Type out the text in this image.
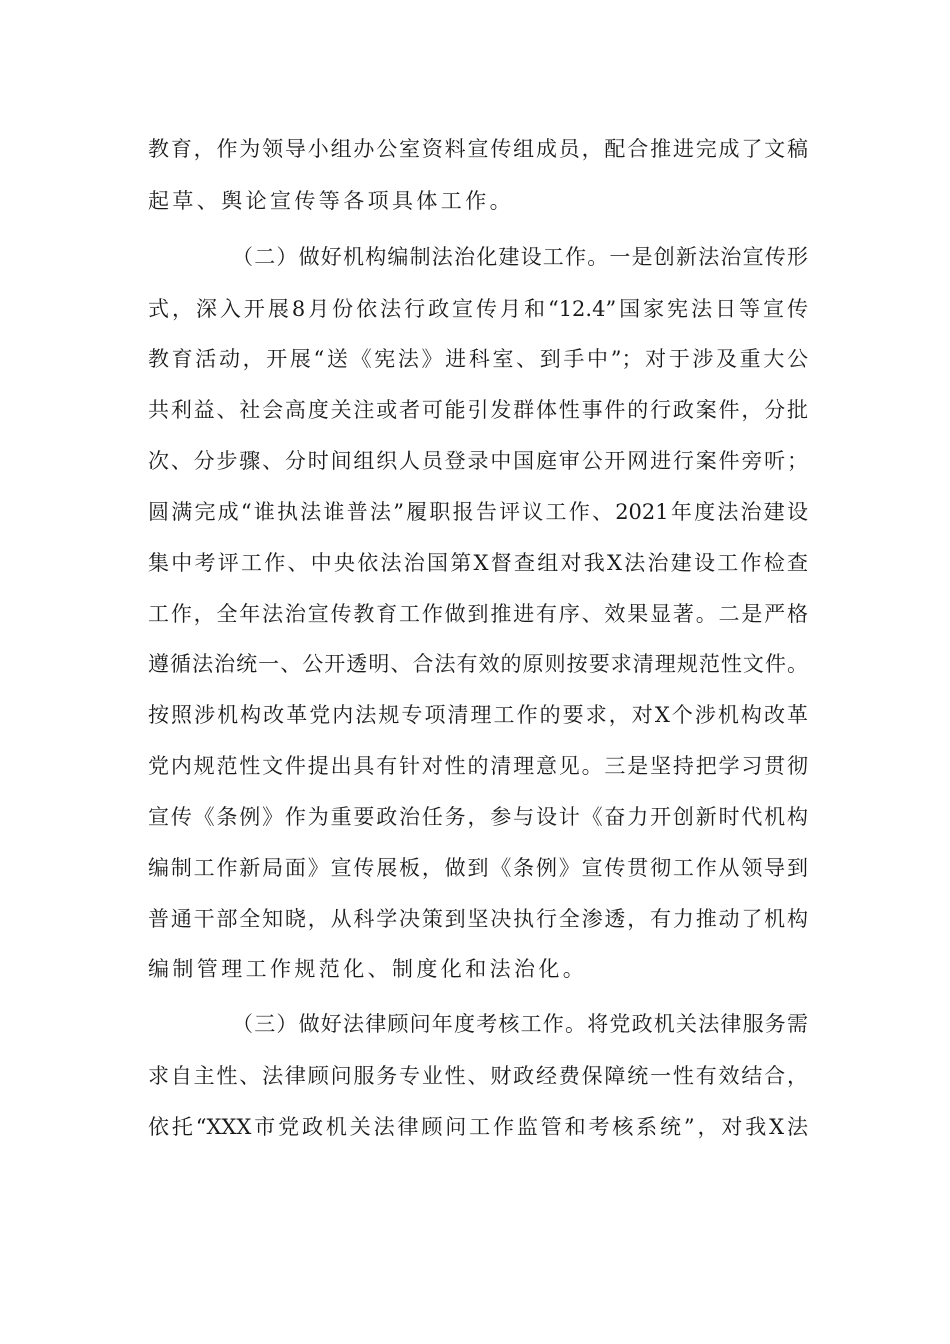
教育，作为领导小组办公室资料宣传组成员，配合推进完成了文稿
起草、舆论宣传等各项具体工作。
（二）做好机构编制法治化建设工作。一是创新法治宣传形
式，深入开展8月份依法行政宣传月和“12.4”国家宪法日等宣传
教育活动，开展“送《宪法》进科室、到手中”；对于涉及重大公
共利益、社会高度关注或者可能引发群体性事件的行政案件，分批
次、分步骤、分时间组织人员登录中国庭审公开网进行案件旁听；
圆满完成“谁执法谁普法”履职报告评议工作、2021年度法治建设
集中考评工作、中央依法治国第X督查组对我X法治建设工作检查
工作，全年法治宣传教育工作做到推进有序、效果显著。二是严格
遵循法治统一、公开透明、合法有效的原则按要求清理规范性文件。
按照涉机构改革党内法规专项清理工作的要求，对X个涉机构改革
党内规范性文件提出具有针对性的清理意见。三是坚持把学习贯彻
宣传《条例》作为重要政治任务，参与设计《奋力开创新时代机构
编制工作新局面》宣传展板，做到《条例》宣传贯彻工作从领导到
普通干部全知晓，从科学决策到坚决执行全渗透，有力推动了机构
编制管理工作规范化、制度化和法治化。
（三）做好法律顾问年度考核工作。将党政机关法律服务需
求自主性、法律顾问服务专业性、财政经费保障统一性有效结合，
依托“XXX市党政机关法律顾问工作监管和考核系统”，对我X法
